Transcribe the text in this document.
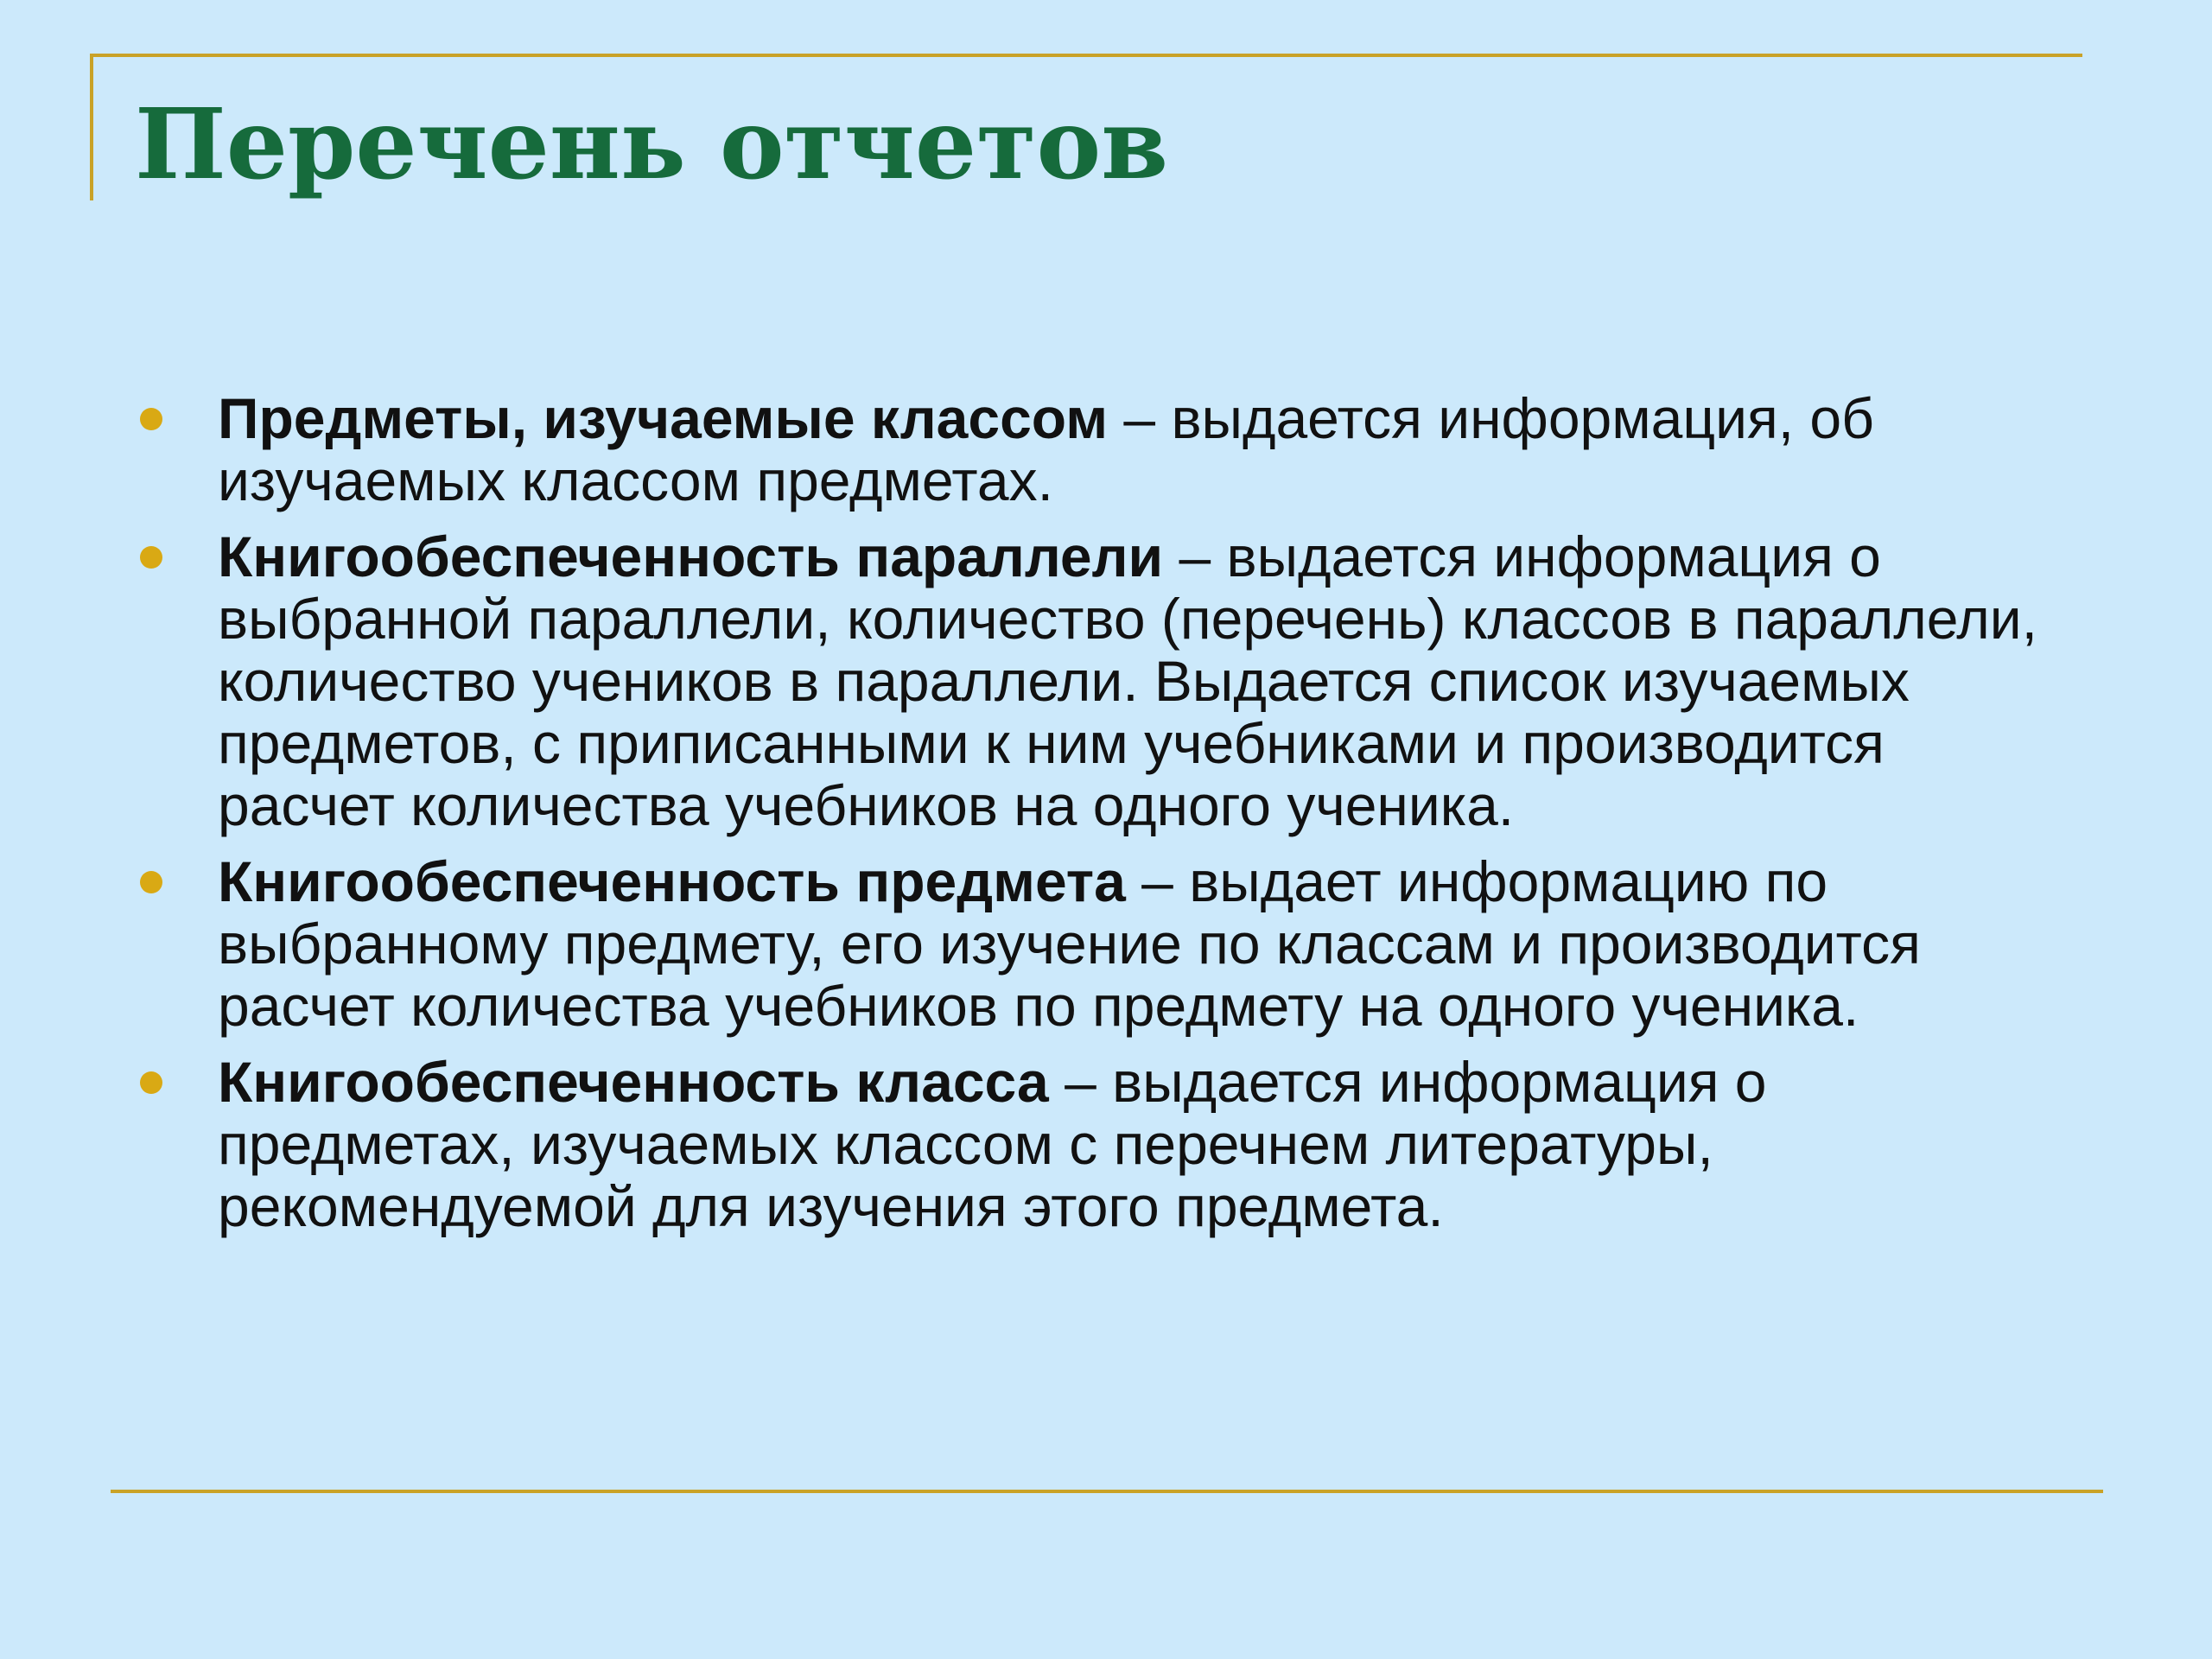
Перечень отчетов
Предметы, изучаемые классом – выдается информация, об изучаемых классом предметах.
Книгообеспеченность параллели – выдается информация о выбранной параллели, количество (перечень) классов в параллели, количество учеников в параллели. Выдается список изучаемых предметов, с приписанными к ним учебниками и производится расчет количества учебников на одного ученика.
Книгообеспеченность предмета – выдает информацию по выбранному предмету, его изучение по классам и производится расчет количества учебников по предмету на одного ученика.
Книгообеспеченность класса – выдается информация о предметах, изучаемых классом с перечнем литературы, рекомендуемой для изучения этого предмета.
